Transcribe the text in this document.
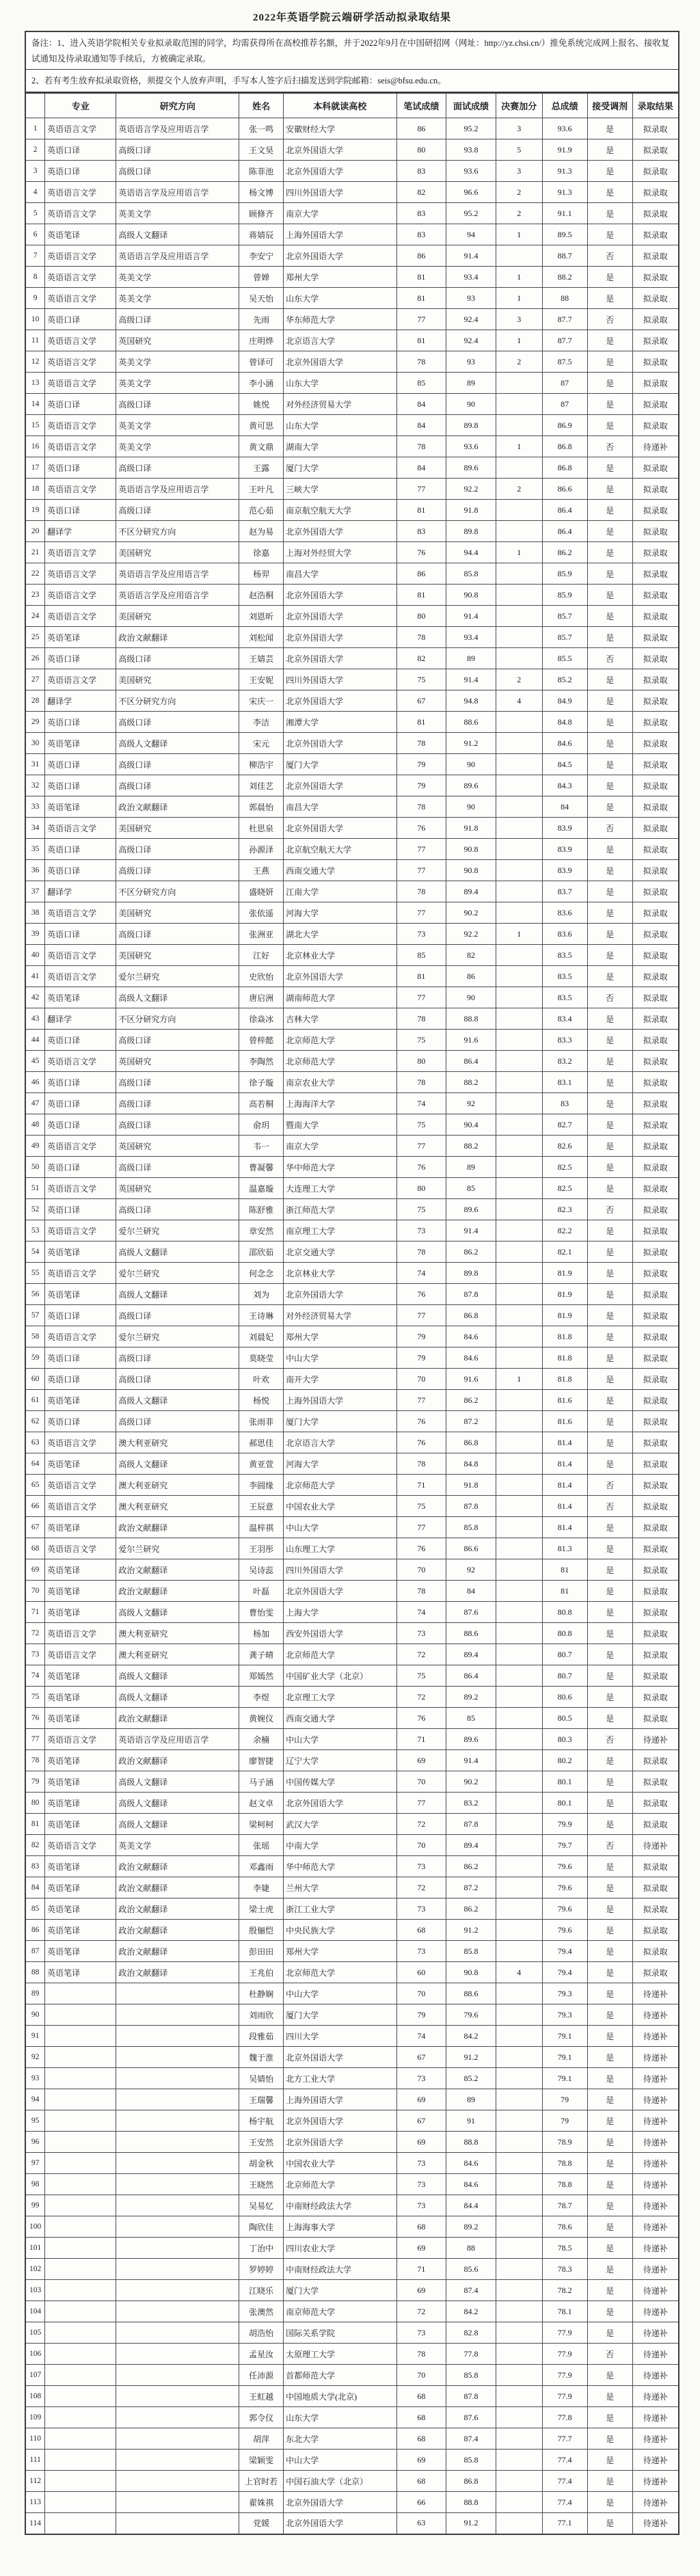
2022年英语学院云端研学活动拟录取结果
备注：1、进入英语学院相关专业拟录取范围的同学，均需获得所在高校推荐名额，并于2022年9月在中国研招网（网址：http://yz.chsi.cn/）推免系统完成网上报名、接收复试通知及待录取通知等手续后，方被确定录取。
2、若有考生放弃拟录取资格，须提交个人放弃声明，手写本人签字后扫描发送到学院邮箱：seis@bfsu.edu.cn。
	专业	研究方向	姓名	本科就读高校	笔试成绩	面试成绩	决赛加分	总成绩	接受调剂	录取结果
1	英语语言文学	英语语言学及应用语言学	张一鸣	安徽财经大学	86	95.2	3	93.6	是	拟录取
2	英语口译	高级口译	王文昊	北京外国语大学	80	93.8	5	91.9	是	拟录取
3	英语口译	高级口译	陈菲池	北京外国语大学	83	93.6	3	91.3	是	拟录取
4	英语语言文学	英语语言学及应用语言学	杨文博	四川外国语大学	82	96.6	2	91.3	是	拟录取
5	英语语言文学	英美文学	顾修齐	南京大学	83	95.2	2	91.1	是	拟录取
6	英语笔译	高级人文翻译	蒋婧辰	上海外国语大学	83	94	1	89.5	是	拟录取
7	英语语言文学	英语语言学及应用语言学	李安宁	北京外国语大学	86	91.4		88.7	否	拟录取
8	英语语言文学	英美文学	曾婵	郑州大学	81	93.4	1	88.2	是	拟录取
9	英语语言文学	英美文学	吴天怡	山东大学	81	93	1	88	是	拟录取
10	英语口译	高级口译	先雨	华东师范大学	77	92.4	3	87.7	否	拟录取
11	英语语言文学	英国研究	庄明烨	北京语言大学	81	92.4	1	87.7	是	拟录取
12	英语语言文学	英美文学	曾译可	北京外国语大学	78	93	2	87.5	是	拟录取
13	英语语言文学	英美文学	李小涵	山东大学	85	89		87	是	拟录取
14	英语口译	高级口译	姚悦	对外经济贸易大学	84	90		87	是	拟录取
15	英语语言文学	英美文学	黄可思	山东大学	84	89.8		86.9	是	拟录取
16	英语语言文学	英美文学	黄文鼎	湖南大学	78	93.6	1	86.8	否	待递补
17	英语口译	高级口译	王露	厦门大学	84	89.6		86.8	是	拟录取
18	英语语言文学	英语语言学及应用语言学	王叶凡	三峡大学	77	92.2	2	86.6	是	拟录取
19	英语口译	高级口译	范心茹	南京航空航天大学	81	91.8		86.4	是	拟录取
20	翻译学	不区分研究方向	赵为易	北京外国语大学	83	89.8		86.4	是	拟录取
21	英语语言文学	美国研究	徐嘉	上海对外经贸大学	76	94.4	1	86.2	是	拟录取
22	英语语言文学	英语语言学及应用语言学	杨羿	南昌大学	86	85.8		85.9	是	拟录取
23	英语语言文学	英语语言学及应用语言学	赵浩桐	北京外国语大学	81	90.8		85.9	是	拟录取
24	英语语言文学	美国研究	刘恩昕	北京外国语大学	80	91.4		85.7	是	拟录取
25	英语笔译	政治文献翻译	刘松闻	北京外国语大学	78	93.4		85.7	是	拟录取
26	英语口译	高级口译	王婧芸	北京外国语大学	82	89		85.5	否	拟录取
27	英语语言文学	美国研究	王安妮	四川外国语大学	75	91.4	2	85.2	是	拟录取
28	翻译学	不区分研究方向	宋庆一	北京外国语大学	67	94.8	4	84.9	是	拟录取
29	英语口译	高级口译	李洁	湘潭大学	81	88.6		84.8	是	拟录取
30	英语笔译	高级人文翻译	宋元	北京外国语大学	78	91.2		84.6	是	拟录取
31	英语口译	高级口译	柳浩宇	厦门大学	79	90		84.5	是	拟录取
32	英语口译	高级口译	刘佳艺	北京外国语大学	79	89.6		84.3	是	拟录取
33	英语笔译	政治文献翻译	郭晨怡	南昌大学	78	90		84	是	拟录取
34	英语语言文学	美国研究	杜思泉	北京外国语大学	76	91.8		83.9	否	拟录取
35	英语口译	高级口译	孙源泽	北京航空航天大学	77	90.8		83.9	是	拟录取
36	英语口译	高级口译	王燕	西南交通大学	77	90.8		83.9	是	拟录取
37	翻译学	不区分研究方向	盛晓妍	江南大学	78	89.4		83.7	是	拟录取
38	英语语言文学	美国研究	张依遥	河海大学	77	90.2		83.6	是	拟录取
39	英语口译	高级口译	张洲亚	湖北大学	73	92.2	1	83.6	是	拟录取
40	英语语言文学	美国研究	江好	北京林业大学	85	82		83.5	是	拟录取
41	英语语言文学	爱尔兰研究	史欣怡	北京外国语大学	81	86		83.5	是	拟录取
42	英语笔译	高级人文翻译	唐启洲	湖南师范大学	77	90		83.5	否	拟录取
43	翻译学	不区分研究方向	徐焱冰	吉林大学	78	88.8		83.4	是	拟录取
44	英语口译	高级口译	曾梓懿	北京师范大学	75	91.6		83.3	是	拟录取
45	英语语言文学	英国研究	李陶然	北京师范大学	80	86.4		83.2	是	拟录取
46	英语口译	高级口译	徐子璇	南京农业大学	78	88.2		83.1	是	拟录取
47	英语口译	高级口译	高若桐	上海海洋大学	74	92		83	是	拟录取
48	英语口译	高级口译	俞玥	暨南大学	75	90.4		82.7	是	拟录取
49	英语语言文学	英国研究	韦一	南京大学	77	88.2		82.6	是	拟录取
50	英语口译	高级口译	曹凝馨	华中师范大学	76	89		82.5	是	拟录取
51	英语语言文学	英国研究	温嘉璇	大连理工大学	80	85		82.5	是	拟录取
52	英语口译	高级口译	陈舒雅	浙江师范大学	75	89.6		82.3	否	拟录取
53	英语语言文学	爱尔兰研究	章安然	南京理工大学	73	91.4		82.2	是	拟录取
54	英语笔译	高级人文翻译	邵欣茹	北京交通大学	78	86.2		82.1	是	拟录取
55	英语语言文学	爱尔兰研究	何念念	北京林业大学	74	89.8		81.9	是	拟录取
56	英语笔译	高级人文翻译	刘为	北京外国语大学	76	87.8		81.9	是	拟录取
57	英语口译	高级口译	王诗琳	对外经济贸易大学	77	86.8		81.9	是	拟录取
58	英语语言文学	爱尔兰研究	刘晨妃	郑州大学	79	84.6		81.8	是	拟录取
59	英语口译	高级口译	莫晓莹	中山大学	79	84.6		81.8	是	拟录取
60	英语口译	高级口译	叶欢	南开大学	70	91.6	1	81.8	是	拟录取
61	英语笔译	高级人文翻译	杨悦	上海外国语大学	77	86.2		81.6	是	拟录取
62	英语口译	高级口译	张雨菲	厦门大学	76	87.2		81.6	是	拟录取
63	英语语言文学	澳大利亚研究	郝思佳	北京语言大学	76	86.8		81.4	是	拟录取
64	英语笔译	高级人文翻译	黄亚萱	河海大学	78	84.8		81.4	是	拟录取
65	英语语言文学	澳大利亚研究	李圆缘	北京师范大学	71	91.8		81.4	否	拟录取
66	英语语言文学	澳大利亚研究	王辰意	中国农业大学	75	87.8		81.4	否	拟录取
67	英语笔译	政治文献翻译	温梓祺	中山大学	77	85.8		81.4	是	拟录取
68	英语语言文学	爱尔兰研究	王羽彤	山东理工大学	76	86.6		81.3	是	拟录取
69	英语笔译	政治文献翻译	吴诗蕊	四川外国语大学	70	92		81	是	拟录取
70	英语笔译	政治文献翻译	叶磊	北京外国语大学	78	84		81	是	拟录取
71	英语笔译	高级人文翻译	曹怡雯	上海大学	74	87.6		80.8	是	拟录取
72	英语语言文学	澳大利亚研究	杨加	西安外国语大学	73	88.6		80.8	是	拟录取
73	英语语言文学	澳大利亚研究	龚子晴	北京师范大学	72	89.4		80.7	是	拟录取
74	英语笔译	高级人文翻译	郑嫣然	中国矿业大学（北京）	75	86.4		80.7	是	拟录取
75	英语笔译	高级人文翻译	李煜	北京理工大学	72	89.2		80.6	是	拟录取
76	英语笔译	政治文献翻译	黄婉仪	西南交通大学	76	85		80.5	是	拟录取
77	英语语言文学	英语语言学及应用语言学	余楠	中山大学	71	89.6		80.3	否	待递补
78	英语笔译	政治文献翻译	廖智捷	辽宁大学	69	91.4		80.2	是	拟录取
79	英语笔译	高级人文翻译	马子涵	中国传媒大学	70	90.2		80.1	是	拟录取
80	英语笔译	高级人文翻译	赵文卓	北京外国语大学	77	83.2		80.1	是	拟录取
81	英语笔译	高级人文翻译	梁柯柯	武汉大学	72	87.8		79.9	是	拟录取
82	英语语言文学	英美文学	张瑶	中南大学	70	89.4		79.7	否	待递补
83	英语笔译	政治文献翻译	邓鑫雨	华中师范大学	73	86.2		79.6	是	拟录取
84	英语笔译	政治文献翻译	李婕	兰州大学	72	87.2		79.6	是	拟录取
85	英语笔译	政治文献翻译	梁士虎	浙江工业大学	73	86.2		79.6	是	拟录取
86	英语笔译	政治文献翻译	殷俪恺	中央民族大学	68	91.2		79.6	是	拟录取
87	英语笔译	政治文献翻译	彭田田	郑州大学	73	85.8		79.4	是	拟录取
88	英语笔译	政治文献翻译	王兆伯	北京师范大学	60	90.8	4	79.4	是	拟录取
89			杜静娴	中山大学	70	88.6		79.3	是	待递补
90			刘雨欣	厦门大学	79	79.6		79.3	是	待递补
91			段雅茹	四川大学	74	84.2		79.1	是	待递补
92			魏于淮	北京外国语大学	67	91.2		79.1	是	待递补
93			吴婧怡	北方工业大学	73	85.2		79.1	是	待递补
94			王瑞馨	上海外国语大学	69	89		79	是	待递补
95			杨宇航	北京外国语大学	67	91		79	是	待递补
96			王安然	北京外国语大学	69	88.8		78.9	是	待递补
97			胡金秋	中国农业大学	73	84.6		78.8	是	待递补
98			王晓然	北京师范大学	73	84.6		78.8	是	待递补
99			吴易忆	中南财经政法大学	73	84.4		78.7	是	待递补
100			陶欣佳	上海海事大学	68	89.2		78.6	是	待递补
101			丁治中	四川农业大学	69	88		78.5	是	待递补
102			罗婷婷	中南财经政法大学	71	85.6		78.3	是	待递补
103			江晓乐	厦门大学	69	87.4		78.2	是	待递补
104			张澳然	南京师范大学	72	84.2		78.1	是	待递补
105			胡浩怡	国际关系学院	73	82.8		77.9	是	待递补
106			孟星汝	太原理工大学	78	77.8		77.9	否	待递补
107			任沛源	首都师范大学	70	85.8		77.9	是	待递补
108			王虹越	中国地质大学(北京)	68	87.8		77.9	是	待递补
109			郭令仪	山东大学	68	87.6		77.8	是	待递补
110			胡萍	东北大学	68	87.4		77.7	是	待递补
111			梁颖雯	中山大学	69	85.8		77.4	是	待递补
112			上官时若	中国石油大学（北京）	68	86.8		77.4	是	待递补
113			翟姝祺	北京外国语大学	66	88.8		77.4	是	待递补
114			党媛	北京外国语大学	63	91.2		77.1	是	待递补
